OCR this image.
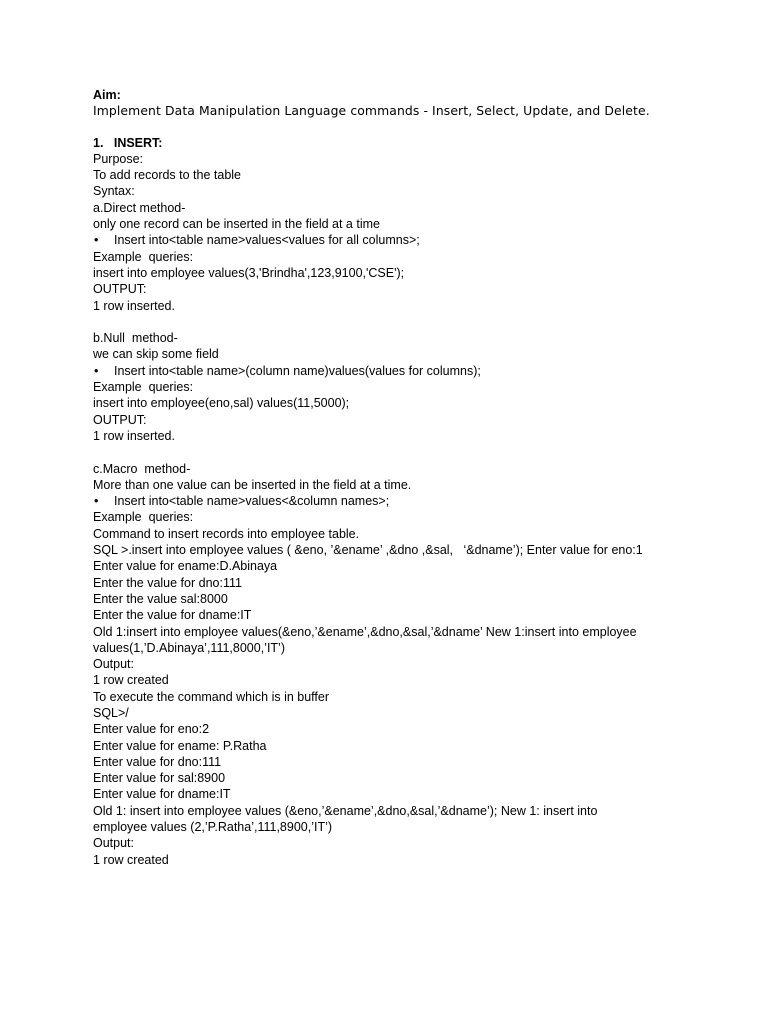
Aim:
Implement Data Manipulation Language commands - Insert, Select, Update, and Delete.
1.   INSERT:
Purpose:
To add records to the table
Syntax:
a.Direct method-
only one record can be inserted in the field at a time
•	Insert into<table name>values<values for all columns>;
Example  queries:
insert into employee values(3,'Brindha',123,9100,'CSE');
OUTPUT:
1 row inserted.
b.Null  method-
we can skip some field
•	Insert into<table name>(column name)values(values for columns);
Example  queries:
insert into employee(eno,sal) values(11,5000);
OUTPUT:
1 row inserted.
c.Macro  method-
More than one value can be inserted in the field at a time.
•	Insert into<table name>values<&column names>;
Example  queries:
Command to insert records into employee table.
SQL >.insert into employee values ( &eno, ’&ename’ ,&dno ,&sal,   ‘&dname’); Enter value for eno:1
Enter value for ename:D.Abinaya
Enter the value for dno:111
Enter the value sal:8000
Enter the value for dname:IT
Old 1:insert into employee values(&eno,’&ename’,&dno,&sal,’&dname’ New 1:insert into employee
values(1,’D.Abinaya’,111,8000,’IT’)
Output:
1 row created
To execute the command which is in buffer
SQL>/
Enter value for eno:2
Enter value for ename: P.Ratha
Enter value for dno:111
Enter value for sal:8900
Enter value for dname:IT
Old 1: insert into employee values (&eno,’&ename’,&dno,&sal,’&dname’); New 1: insert into
employee values (2,’P.Ratha’,111,8900,’IT’)
Output:
1 row created
